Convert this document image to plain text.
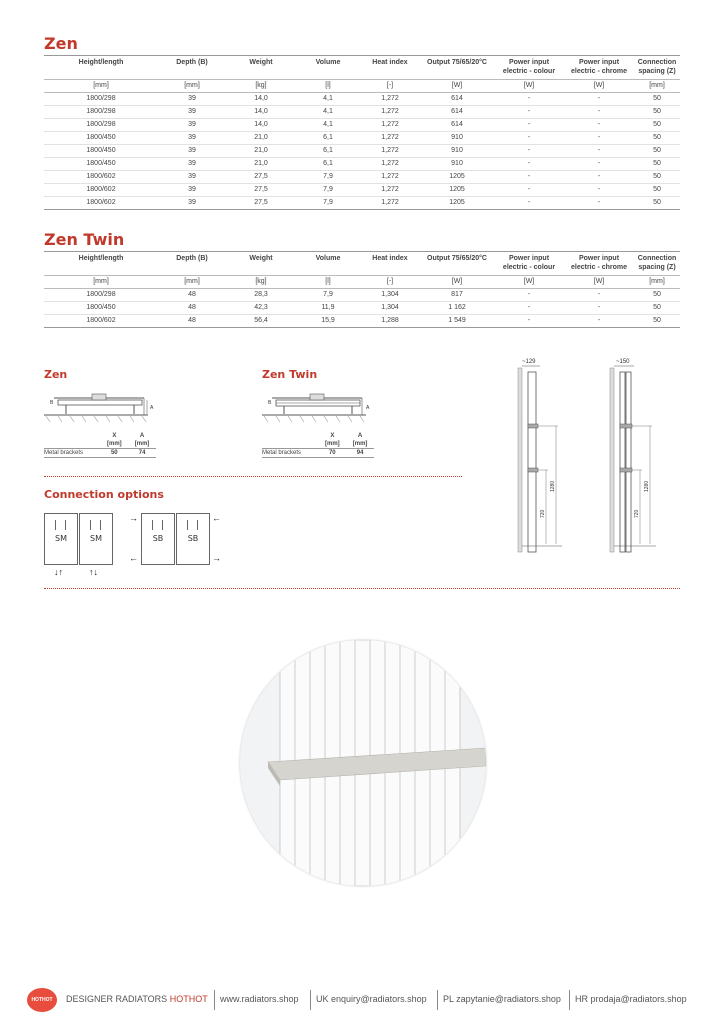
Zen
Height/length	Depth (B)	Weight	Volume	Heat index	Output 75/65/20°C	Power input electric - colour	Power input electric - chrome	Connection spacing (Z)
[mm]	[mm]	[kg]	[l]	[-]	[W]	[W]	[W]	[mm]
1800/298	39	14,0	4,1	1,272	614	-	-	50
1800/298	39	14,0	4,1	1,272	614	-	-	50
1800/298	39	14,0	4,1	1,272	614	-	-	50
1800/450	39	21,0	6,1	1,272	910	-	-	50
1800/450	39	21,0	6,1	1,272	910	-	-	50
1800/450	39	21,0	6,1	1,272	910	-	-	50
1800/602	39	27,5	7,9	1,272	1205	-	-	50
1800/602	39	27,5	7,9	1,272	1205	-	-	50
1800/602	39	27,5	7,9	1,272	1205	-	-	50
Zen Twin
Height/length	Depth (B)	Weight	Volume	Heat index	Output 75/65/20°C	Power input electric - colour	Power input electric - chrome	Connection spacing (Z)
[mm]	[mm]	[kg]	[l]	[-]	[W]	[W]	[W]	[mm]
1800/298	48	28,3	7,9	1,304	817	-	-	50
1800/450	48	42,3	11,9	1,304	1 162	-	-	50
1800/602	48	56,4	15,9	1,288	1 549	-	-	50
Zen
B
A
	X	A
	[mm]	[mm]
Metal brackets	50	74
Zen Twin
B
A
	X	A
	[mm]	[mm]
Metal brackets	70	94
~129
1280
720
~150
1280
720
Connection options
SM	SM
↓↑	↑↓
SB	SB
→	←
←	→
HOTHOT	DESIGNER RADIATORS HOTHOT www.radiators.shop UK enquiry@radiators.shop PL zapytanie@radiators.shop HR prodaja@radiators.shop
